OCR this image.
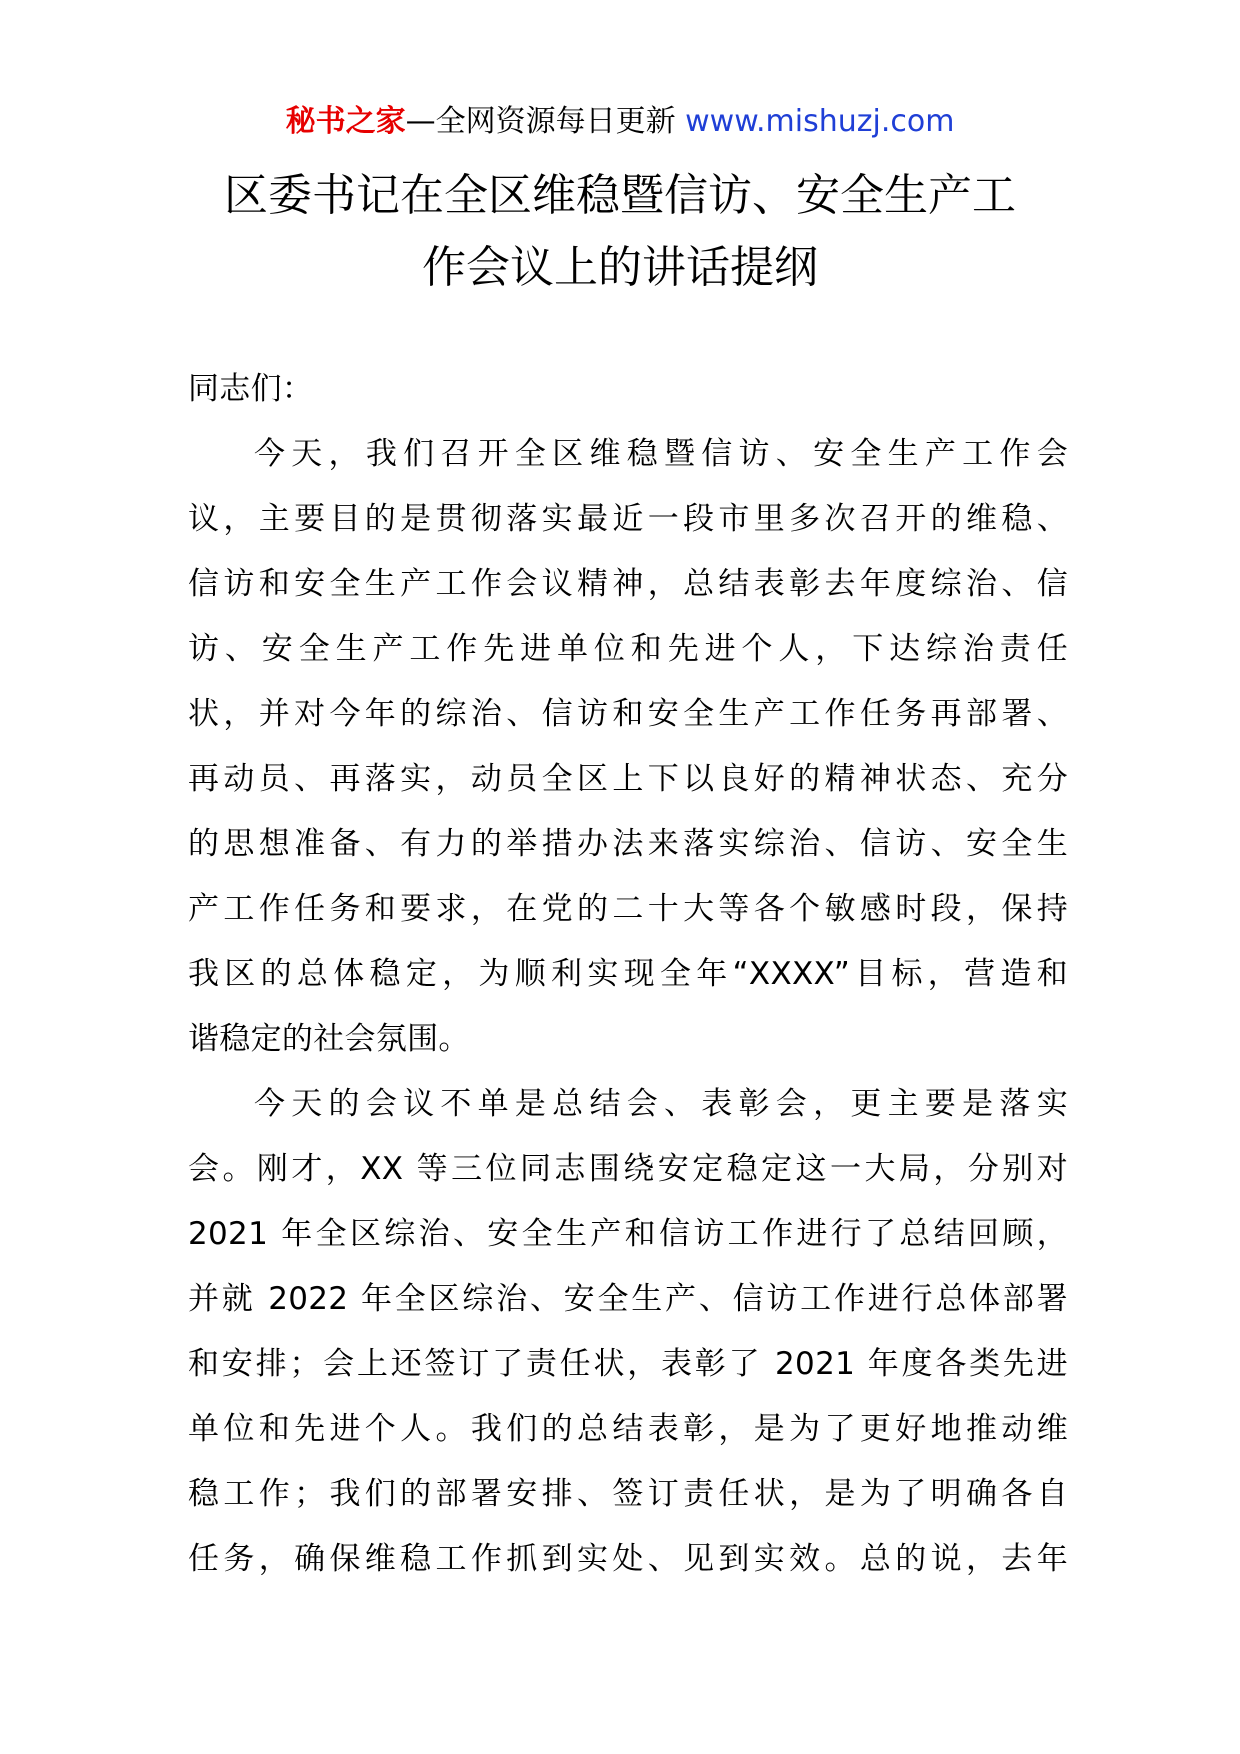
秘书之家—全网资源每日更新 www.mishuzj.com
区委书记在全区维稳暨信访、安全生产工
作会议上的讲话提纲
同志们：
今天，我们召开全区维稳暨信访、安全生产工作会
议，主要目的是贯彻落实最近一段市里多次召开的维稳、
信访和安全生产工作会议精神，总结表彰去年度综治、信
访、安全生产工作先进单位和先进个人，下达综治责任
状，并对今年的综治、信访和安全生产工作任务再部署、
再动员、再落实，动员全区上下以良好的精神状态、充分
的思想准备、有力的举措办法来落实综治、信访、安全生
产工作任务和要求，在党的二十大等各个敏感时段，保持
我区的总体稳定，为顺利实现全年“XXXX”目标，营造和
谐稳定的社会氛围。
今天的会议不单是总结会、表彰会，更主要是落实
会。刚才，XX 等三位同志围绕安定稳定这一大局，分别对
2021 年全区综治、安全生产和信访工作进行了总结回顾，
并就 2022 年全区综治、安全生产、信访工作进行总体部署
和安排；会上还签订了责任状，表彰了 2021 年度各类先进
单位和先进个人。我们的总结表彰，是为了更好地推动维
稳工作；我们的部署安排、签订责任状，是为了明确各自
任务，确保维稳工作抓到实处、见到实效。总的说，去年
